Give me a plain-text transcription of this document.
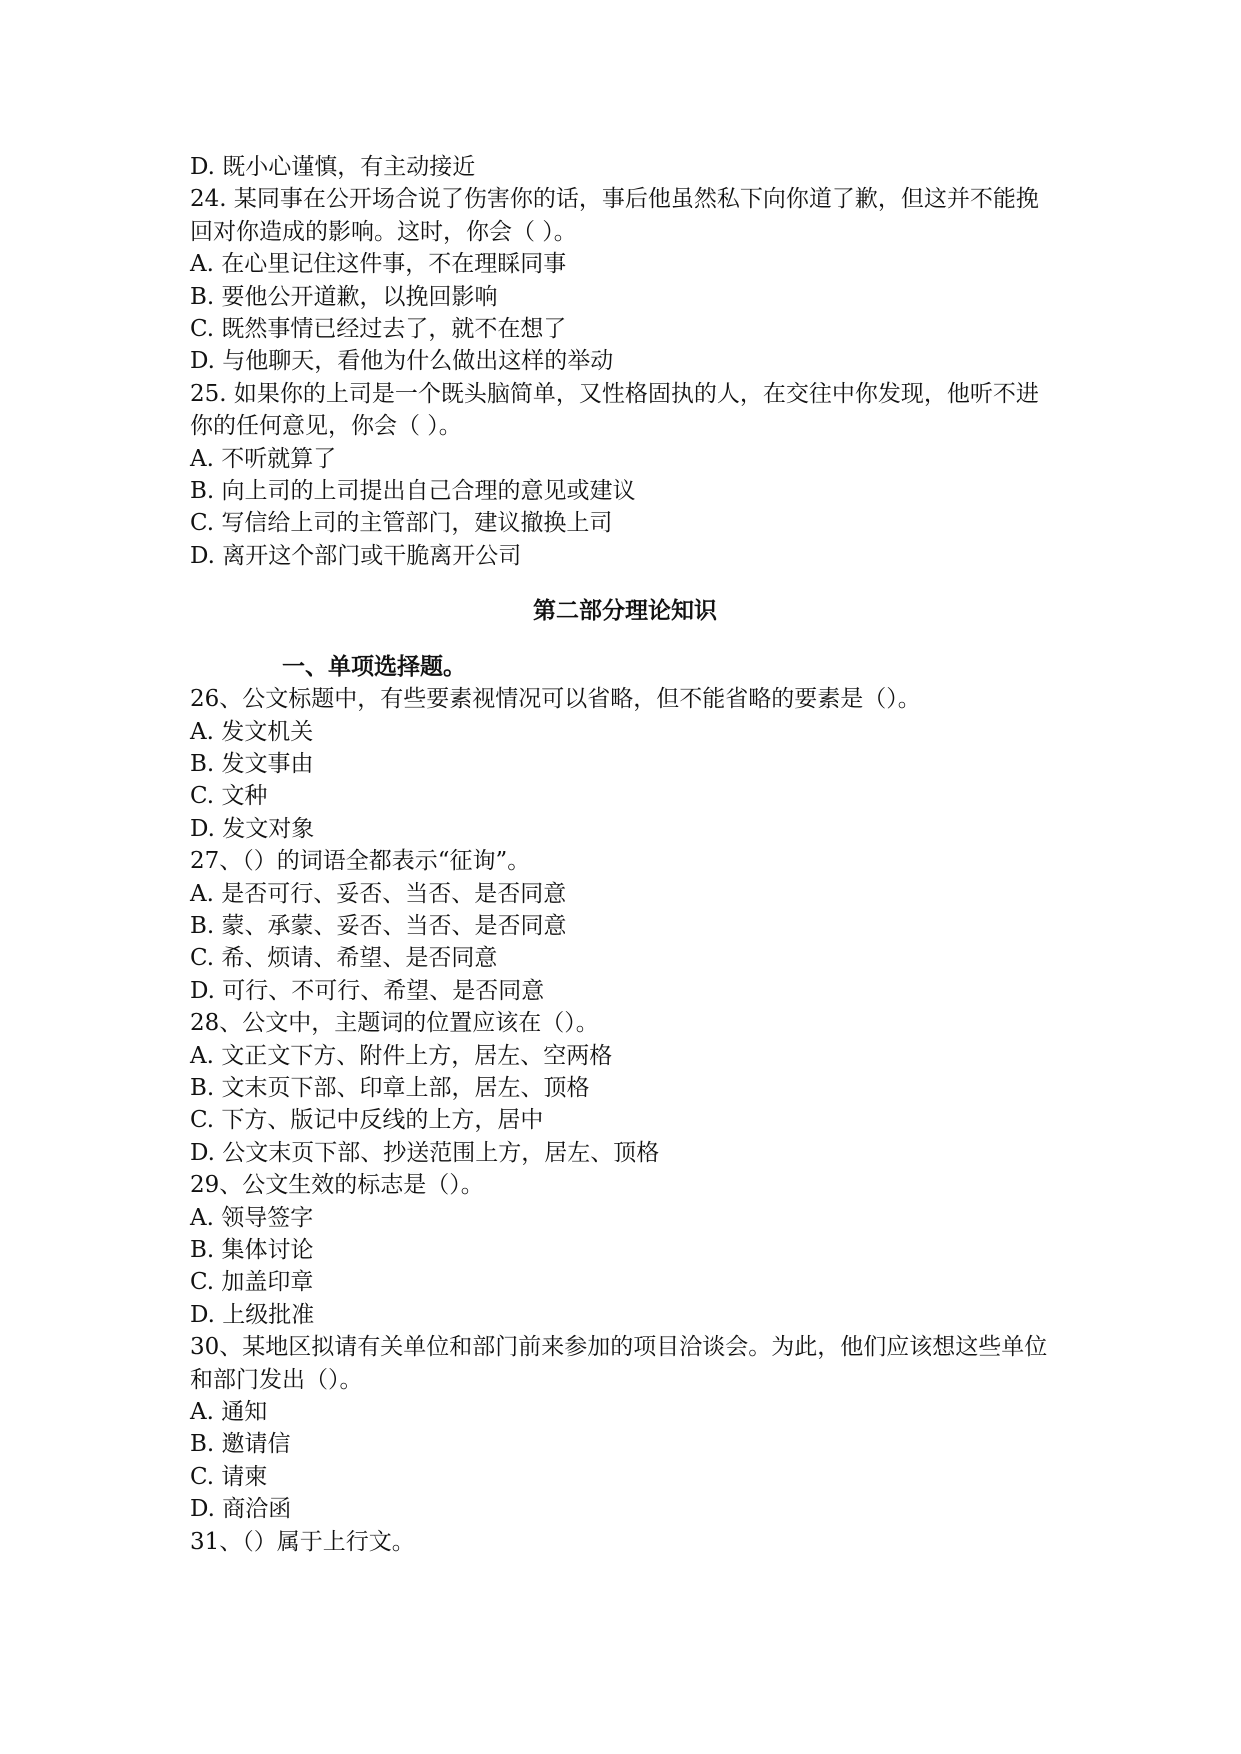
D. 既小心谨慎，有主动接近
24. 某同事在公开场合说了伤害你的话，事后他虽然私下向你道了歉，但这并不能挽回对你造成的影响。这时，你会（ ）。
A. 在心里记住这件事，不在理睬同事
B. 要他公开道歉，以挽回影响
C. 既然事情已经过去了，就不在想了
D. 与他聊天，看他为什么做出这样的举动
25. 如果你的上司是一个既头脑简单，又性格固执的人，在交往中你发现，他听不进你的任何意见，你会（ ）。
A. 不听就算了
B. 向上司的上司提出自己合理的意见或建议
C. 写信给上司的主管部门，建议撤换上司
D. 离开这个部门或干脆离开公司
第二部分理论知识
一、单项选择题。
26、公文标题中，有些要素视情况可以省略，但不能省略的要素是（）。
A. 发文机关
B. 发文事由
C. 文种
D. 发文对象
27、（）的词语全都表示“征询”。
A. 是否可行、妥否、当否、是否同意
B. 蒙、承蒙、妥否、当否、是否同意
C. 希、烦请、希望、是否同意
D. 可行、不可行、希望、是否同意
28、公文中，主题词的位置应该在（）。
A. 文正文下方、附件上方，居左、空两格
B. 文末页下部、印章上部，居左、顶格
C. 下方、版记中反线的上方，居中
D. 公文末页下部、抄送范围上方，居左、顶格
29、公文生效的标志是（）。
A. 领导签字
B. 集体讨论
C. 加盖印章
D. 上级批准
30、某地区拟请有关单位和部门前来参加的项目洽谈会。为此，他们应该想这些单位和部门发出（）。
A. 通知
B. 邀请信
C. 请柬
D. 商洽函
31、（）属于上行文。
